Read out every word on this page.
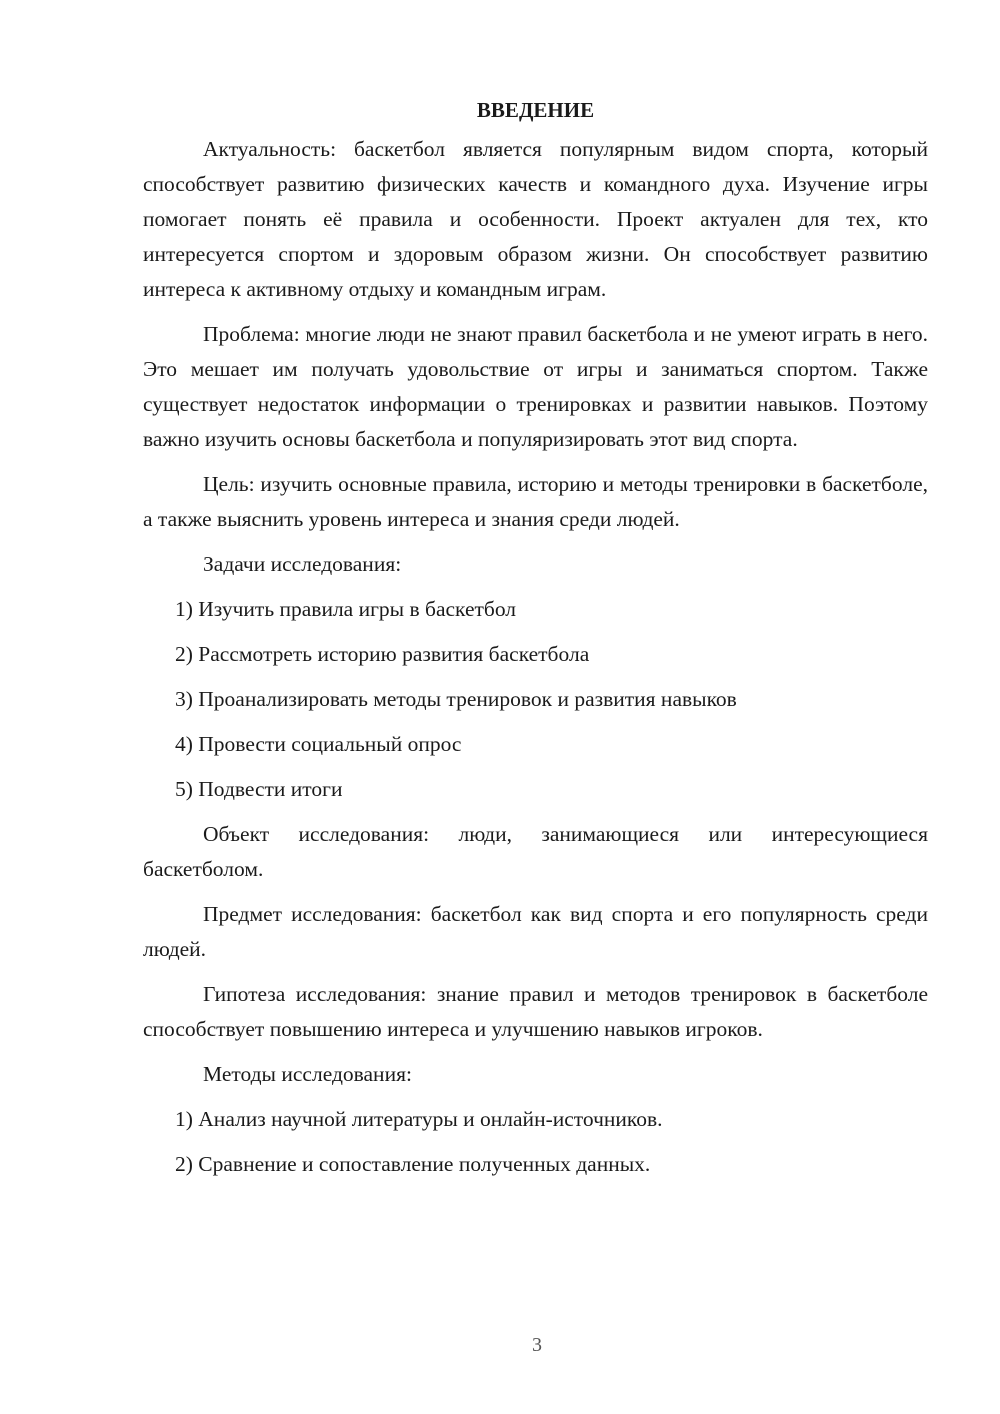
ВВЕДЕНИЕ

Актуальность: баскетбол является популярным видом спорта, который способствует развитию физических качеств и командного духа. Изучение игры помогает понять её правила и особенности. Проект актуален для тех, кто интересуется спортом и здоровым образом жизни. Он способствует развитию интереса к активному отдыху и командным играм.

Проблема: многие люди не знают правил баскетбола и не умеют играть в него. Это мешает им получать удовольствие от игры и заниматься спортом. Также существует недостаток информации о тренировках и развитии навыков. Поэтому важно изучить основы баскетбола и популяризировать этот вид спорта.

Цель: изучить основные правила, историю и методы тренировки в баскетболе, а также выяснить уровень интереса и знания среди людей.

Задачи исследования:

1) Изучить правила игры в баскетбол

2) Рассмотреть историю развития баскетбола

3) Проанализировать методы тренировок и развития навыков

4) Провести социальный опрос

5) Подвести итоги

Объект исследования: люди, занимающиеся или интересующиеся баскетболом.

Предмет исследования: баскетбол как вид спорта и его популярность среди людей.

Гипотеза исследования: знание правил и методов тренировок в баскетболе способствует повышению интереса и улучшению навыков игроков.

Методы исследования:

1) Анализ научной литературы и онлайн-источников.

2) Сравнение и сопоставление полученных данных.

3
